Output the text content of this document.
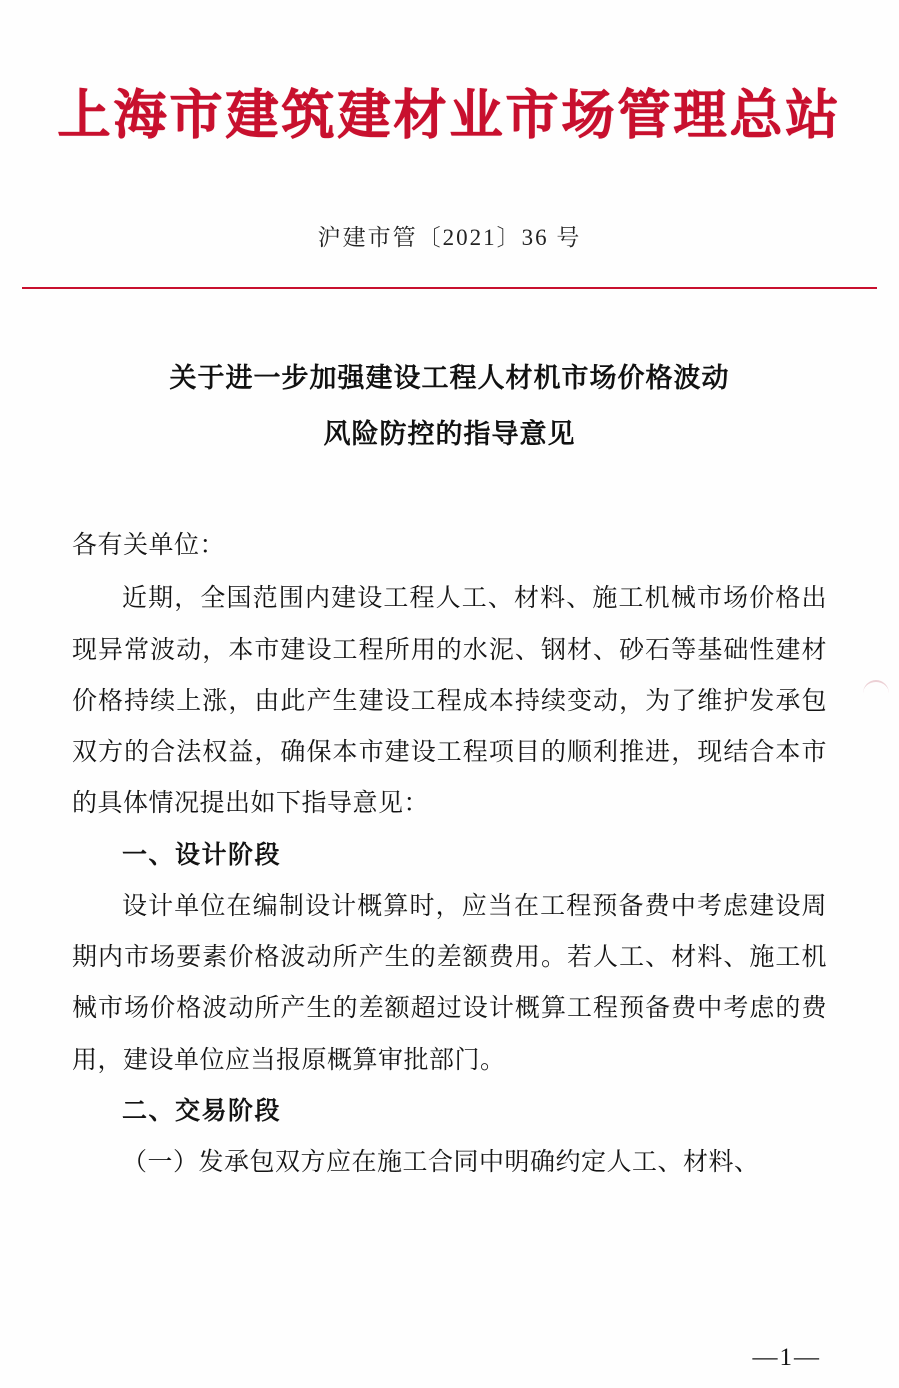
上海市建筑建材业市场管理总站
沪建市管〔2021〕36 号
关于进一步加强建设工程人材机市场价格波动
风险防控的指导意见

各有关单位：

近期，全国范围内建设工程人工、材料、施工机械市场价格出现异常波动，本市建设工程所用的水泥、钢材、砂石等基础性建材价格持续上涨，由此产生建设工程成本持续变动，为了维护发承包双方的合法权益，确保本市建设工程项目的顺利推进，现结合本市的具体情况提出如下指导意见：

一、设计阶段

设计单位在编制设计概算时，应当在工程预备费中考虑建设周期内市场要素价格波动所产生的差额费用。若人工、材料、施工机械市场价格波动所产生的差额超过设计概算工程预备费中考虑的费用，建设单位应当报原概算审批部门。

二、交易阶段

（一）发承包双方应在施工合同中明确约定人工、材料、

—1—
